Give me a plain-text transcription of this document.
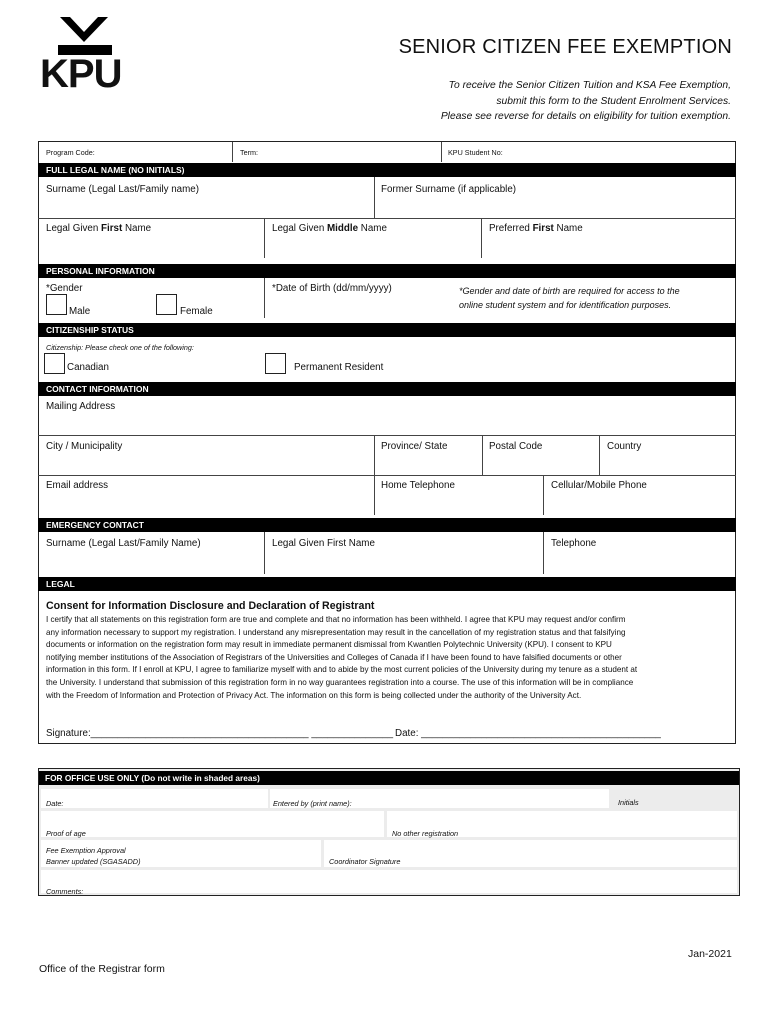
KPU
SENIOR CITIZEN FEE EXEMPTION
To receive the Senior Citizen Tuition and KSA Fee Exemption,
submit this form to the Student Enrolment Services.
Please see reverse for details on eligibility for tuition exemption.
Program Code:	Term:	KPU Student No:
FULL LEGAL NAME (NO INITIALS)
Surname (Legal Last/Family name)	Former Surname (if applicable)
Legal Given First Name	Legal Given Middle Name	Preferred First Name
PERSONAL INFORMATION
*Gender
Male	Female
*Date of Birth (dd/mm/yyyy)	*Gender and date of birth are required for access to the
online student system and for identification purposes.
CITIZENSHIP STATUS
Citizenship: Please check one of the following:
Canadian	Permanent Resident
CONTACT INFORMATION
Mailing Address
City / Municipality	Province/ State	Postal Code	Country
Email address	Home Telephone	Cellular/Mobile Phone
EMERGENCY CONTACT
Surname (Legal Last/Family Name)	Legal Given First Name	Telephone
LEGAL
Consent for Information Disclosure and Declaration of Registrant
I certify that all statements on this registration form are true and complete and that no information has been withheld. I agree that KPU may request and/or confirm
any information necessary to support my registration. I understand any misrepresentation may result in the cancellation of my registration status and that falsifying
documents or information on the registration form may result in immediate permanent dismissal from Kwantlen Polytechnic University (KPU). I consent to KPU
notifying member institutions of the Association of Registrars of the Universities and Colleges of Canada if I have been found to have falsified documents or other
information in this form. If I enroll at KPU, I agree to familiarize myself with and to abide by the most current policies of the University during my tenure as a student at
the University. I understand that submission of this registration form in no way guarantees registration into a course. The use of this information will be in compliance
with the Freedom of Information and Protection of Privacy Act. The information on this form is being collected under the authority of the University Act.
Signature:________________________________________ _______________ Date: ____________________________________________
FOR OFFICE USE ONLY (Do not write in shaded areas)
Date:	Entered by (print name):	Initials
Proof of age	No other registration
Fee Exemption Approval
Banner updated (SGASADD)	Coordinator Signature
Comments:
Jan-2021
Office of the Registrar form
